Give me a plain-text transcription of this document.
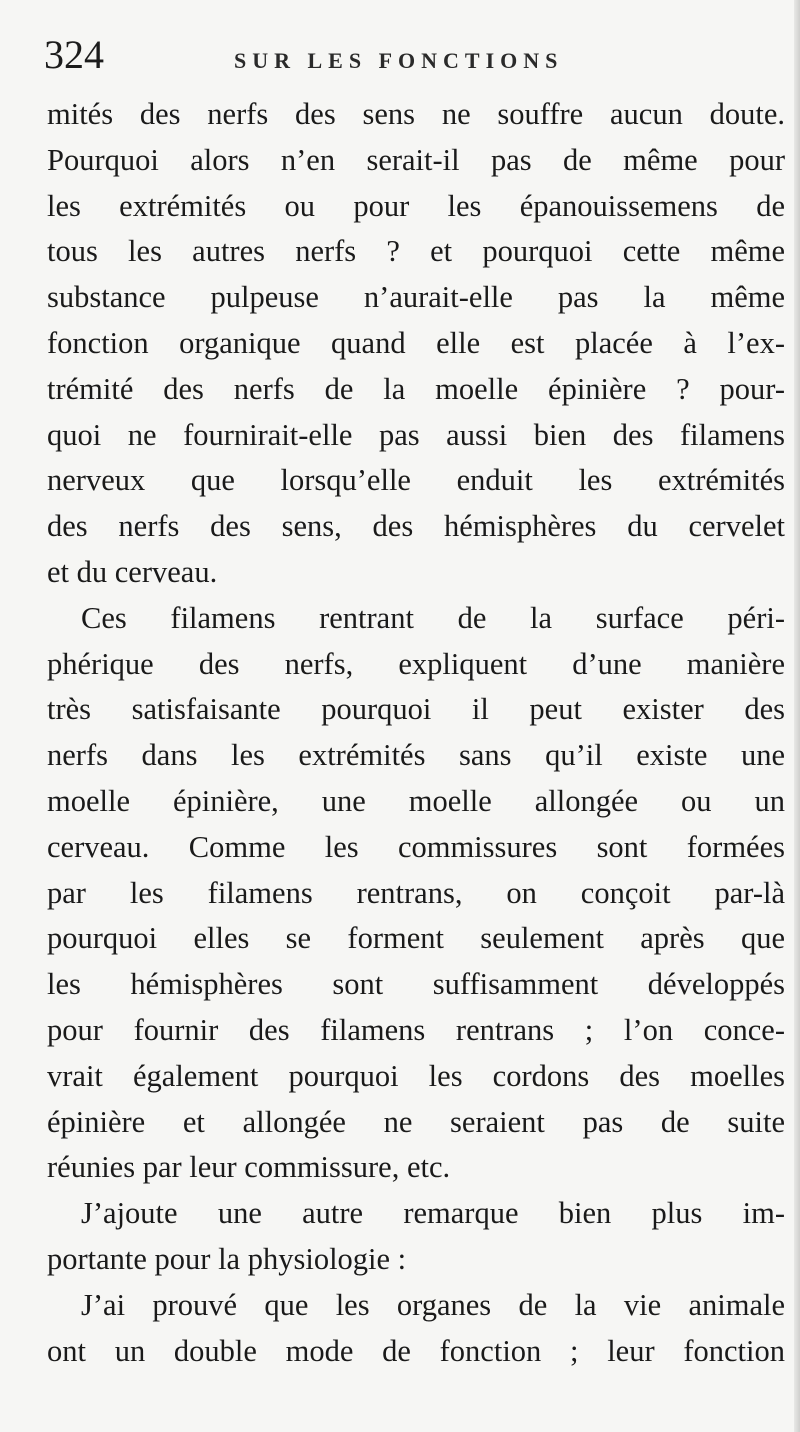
324	SUR LES FONCTIONS
mités des nerfs des sens ne souffre aucun doute.
Pourquoi alors n’en serait-il pas de même pour
les extrémités ou pour les épanouissemens de
tous les autres nerfs ? et pourquoi cette même
substance pulpeuse n’aurait-elle pas la même
fonction organique quand elle est placée à l’ex-
trémité des nerfs de la moelle épinière ? pour-
quoi ne fournirait-elle pas aussi bien des filamens
nerveux que lorsqu’elle enduit les extrémités
des nerfs des sens, des hémisphères du cervelet
et du cerveau.
Ces filamens rentrant de la surface péri-
phérique des nerfs, expliquent d’une manière
très satisfaisante pourquoi il peut exister des
nerfs dans les extrémités sans qu’il existe une
moelle épinière, une moelle allongée ou un
cerveau. Comme les commissures sont formées
par les filamens rentrans, on conçoit par-là
pourquoi elles se forment seulement après que
les hémisphères sont suffisamment développés
pour fournir des filamens rentrans ; l’on conce-
vrait également pourquoi les cordons des moelles
épinière et allongée ne seraient pas de suite
réunies par leur commissure, etc.
J’ajoute une autre remarque bien plus im-
portante pour la physiologie :
J’ai prouvé que les organes de la vie animale
ont un double mode de fonction ; leur fonction
